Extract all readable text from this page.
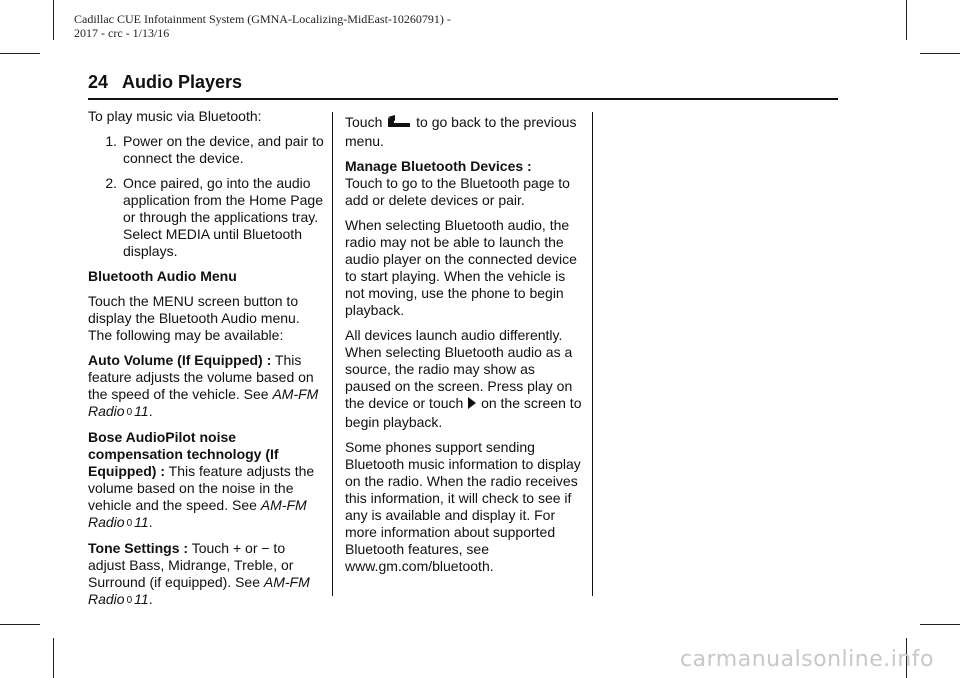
Cadillac CUE Infotainment System (GMNA-Localizing-MidEast-10260791) -
2017 - crc - 1/13/16
24 Audio Players

To play music via Bluetooth:

1. Power on the device, and pair to connect the device.
2. Once paired, go into the audio application from the Home Page or through the applications tray. Select MEDIA until Bluetooth displays.

Bluetooth Audio Menu

Touch the MENU screen button to display the Bluetooth Audio menu. The following may be available:

Auto Volume (If Equipped) : This feature adjusts the volume based on the speed of the vehicle. See AM-FM Radio 0 11.

Bose AudioPilot noise compensation technology (If Equipped) : This feature adjusts the volume based on the noise in the vehicle and the speed. See AM-FM Radio 0 11.

Tone Settings : Touch + or − to adjust Bass, Midrange, Treble, or Surround (if equipped). See AM-FM Radio 0 11.

Touch  to go back to the previous menu.

Manage Bluetooth Devices :
Touch to go to the Bluetooth page to add or delete devices or pair.

When selecting Bluetooth audio, the radio may not be able to launch the audio player on the connected device to start playing. When the vehicle is not moving, use the phone to begin playback.

All devices launch audio differently. When selecting Bluetooth audio as a source, the radio may show as paused on the screen. Press play on the device or touch  on the screen to begin playback.

Some phones support sending Bluetooth music information to display on the radio. When the radio receives this information, it will check to see if any is available and display it. For more information about supported Bluetooth features, see www.gm.com/bluetooth.

carmanualsonline.info
